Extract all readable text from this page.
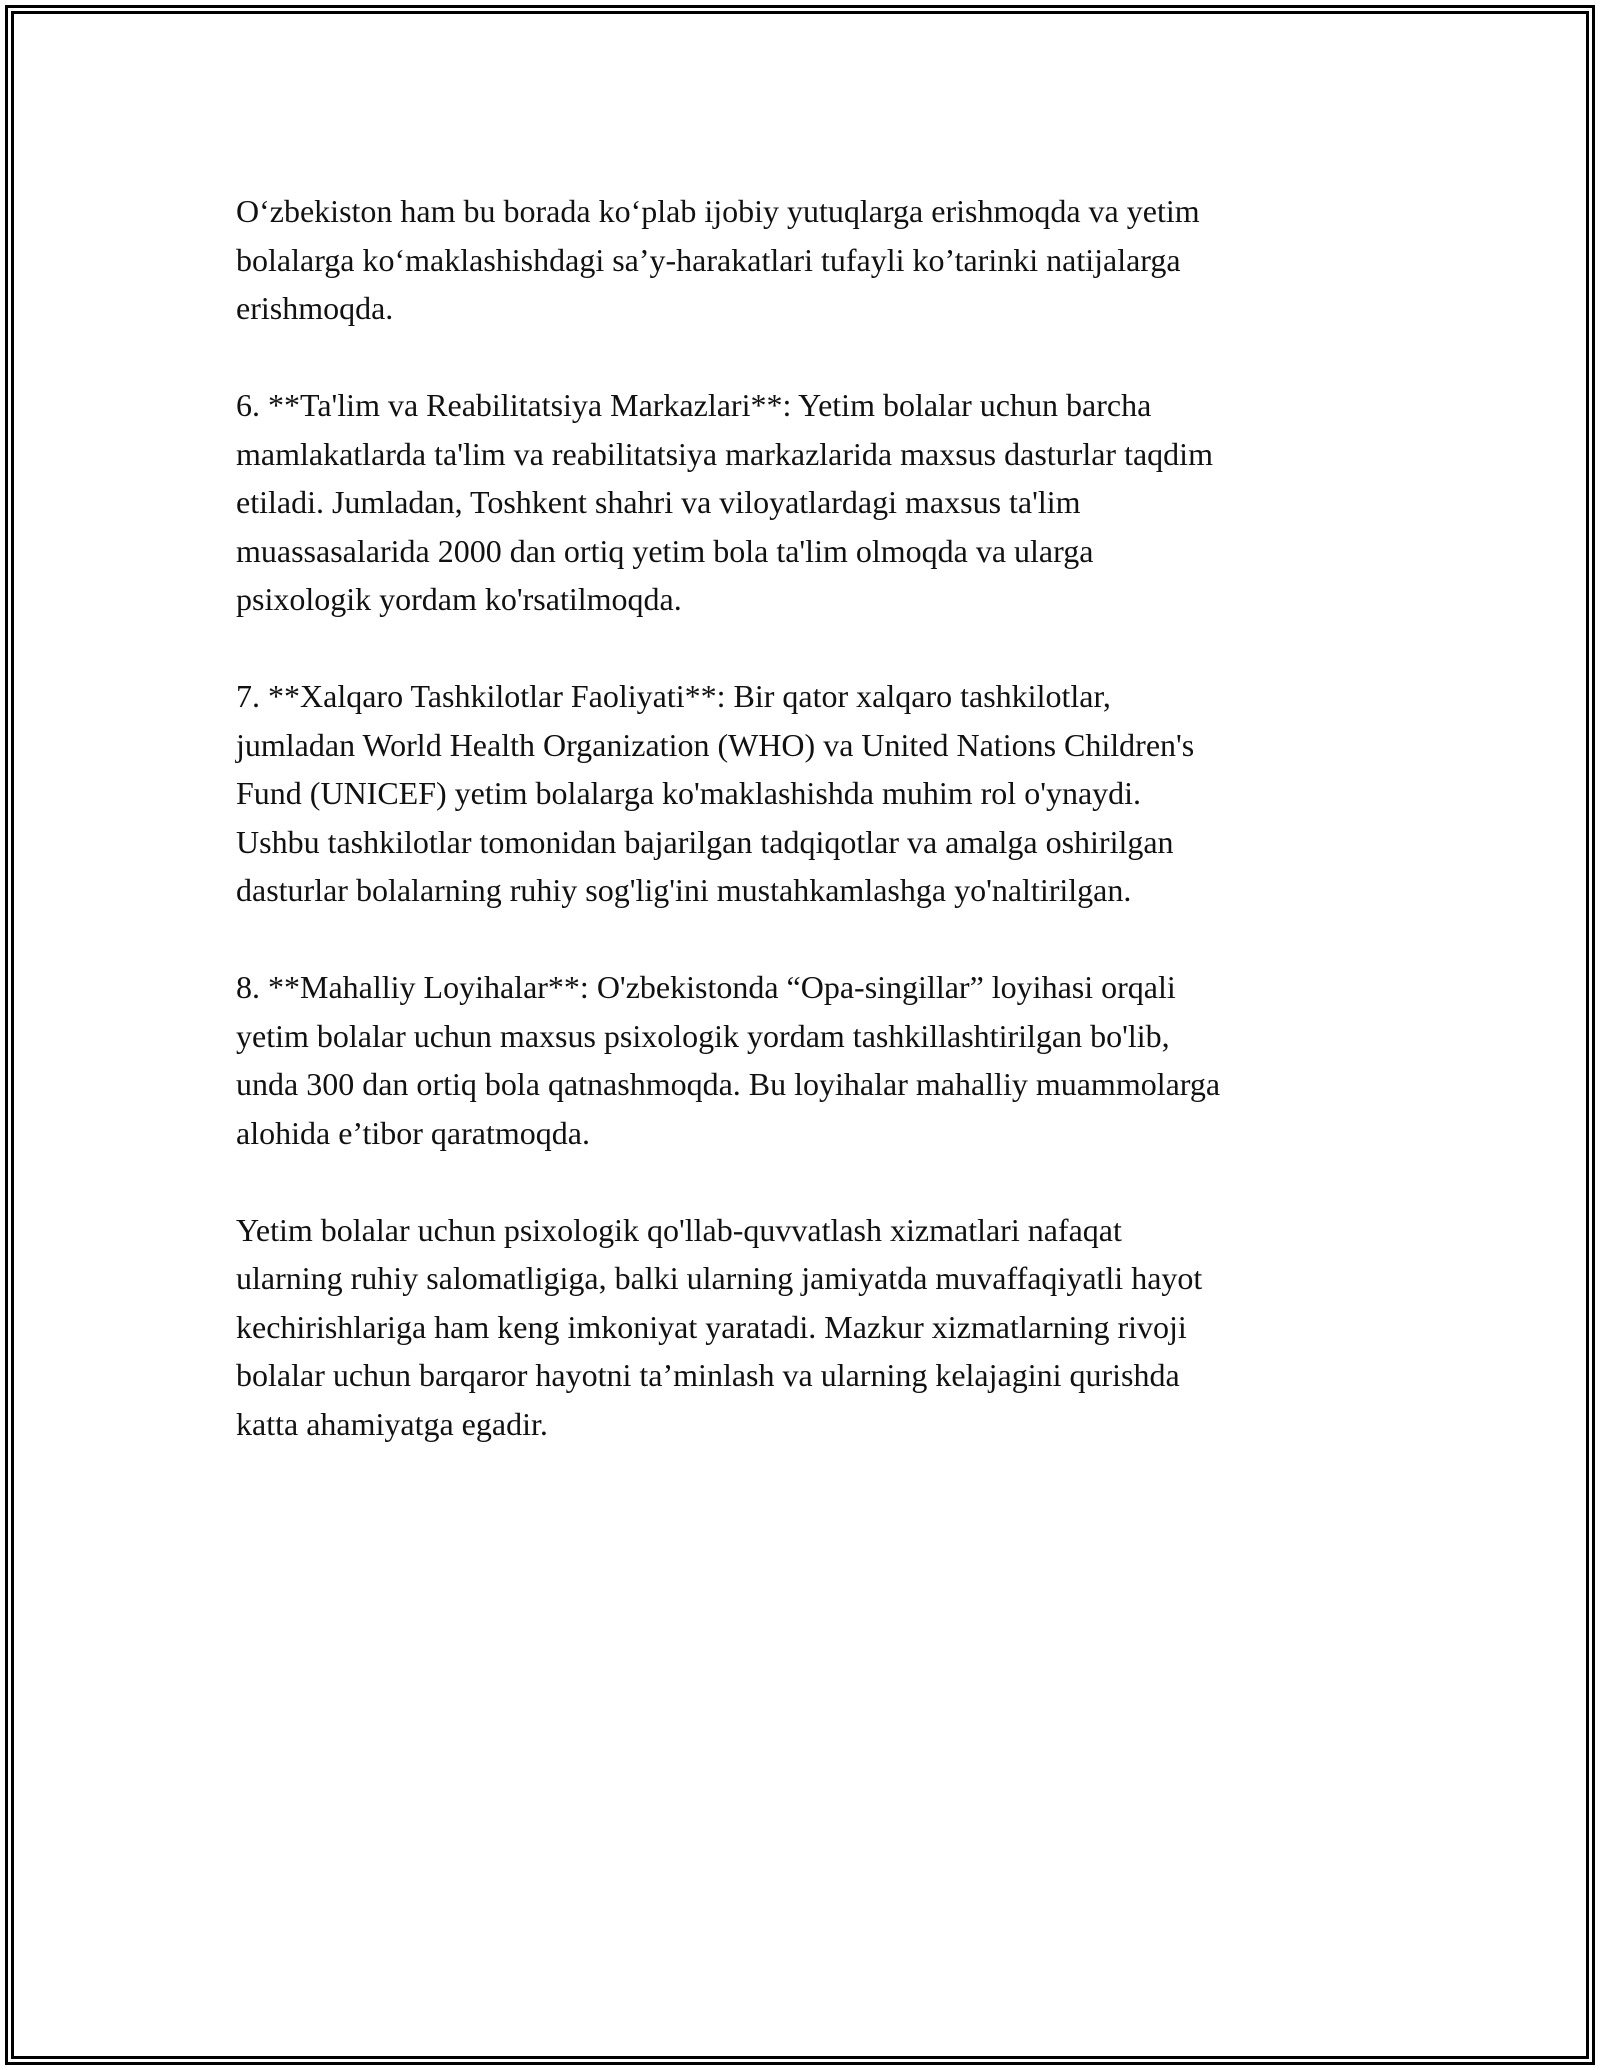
O‘zbekiston ham bu borada ko‘plab ijobiy yutuqlarga erishmoqda va yetim
bolalarga ko‘maklashishdagi sa’y-harakatlari tufayli ko’tarinki natijalarga
erishmoqda.

6. **Ta'lim va Reabilitatsiya Markazlari**: Yetim bolalar uchun barcha
mamlakatlarda ta'lim va reabilitatsiya markazlarida maxsus dasturlar taqdim
etiladi. Jumladan, Toshkent shahri va viloyatlardagi maxsus ta'lim
muassasalarida 2000 dan ortiq yetim bola ta'lim olmoqda va ularga
psixologik yordam ko'rsatilmoqda.

7. **Xalqaro Tashkilotlar Faoliyati**: Bir qator xalqaro tashkilotlar,
jumladan World Health Organization (WHO) va United Nations Children's
Fund (UNICEF) yetim bolalarga ko'maklashishda muhim rol o'ynaydi.
Ushbu tashkilotlar tomonidan bajarilgan tadqiqotlar va amalga oshirilgan
dasturlar bolalarning ruhiy sog'lig'ini mustahkamlashga yo'naltirilgan.

8. **Mahalliy Loyihalar**: O'zbekistonda “Opa-singillar” loyihasi orqali
yetim bolalar uchun maxsus psixologik yordam tashkillashtirilgan bo'lib,
unda 300 dan ortiq bola qatnashmoqda. Bu loyihalar mahalliy muammolarga
alohida e’tibor qaratmoqda.

Yetim bolalar uchun psixologik qo'llab-quvvatlash xizmatlari nafaqat
ularning ruhiy salomatligiga, balki ularning jamiyatda muvaffaqiyatli hayot
kechirishlariga ham keng imkoniyat yaratadi. Mazkur xizmatlarning rivoji
bolalar uchun barqaror hayotni ta’minlash va ularning kelajagini qurishda
katta ahamiyatga egadir.
